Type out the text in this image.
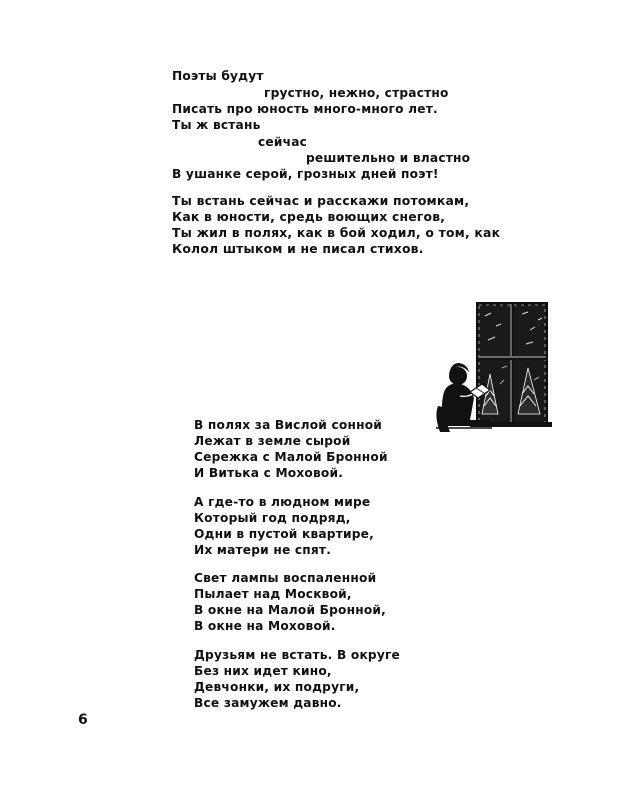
Поэты будут
грустно, нежно, страстно
Писать про юность много-много лет.
Ты ж встань
сейчас
решительно и властно
В ушанке серой, грозных дней поэт!
Ты встань сейчас и расскажи потомкам,
Как в юности, средь воющих снегов,
Ты жил в полях, как в бой ходил, о том, как
Колол штыком и не писал стихов.
В полях за Вислой сонной
Лежат в земле сырой
Сережка с Малой Бронной
И Витька с Моховой.
А где-то в людном мире
Который год подряд,
Одни в пустой квартире,
Их матери не спят.
Свет лампы воспаленной
Пылает над Москвой,
В окне на Малой Бронной,
В окне на Моховой.
Друзьям не встать. В округе
Без них идет кино,
Девчонки, их подруги,
Все замужем давно.
6
